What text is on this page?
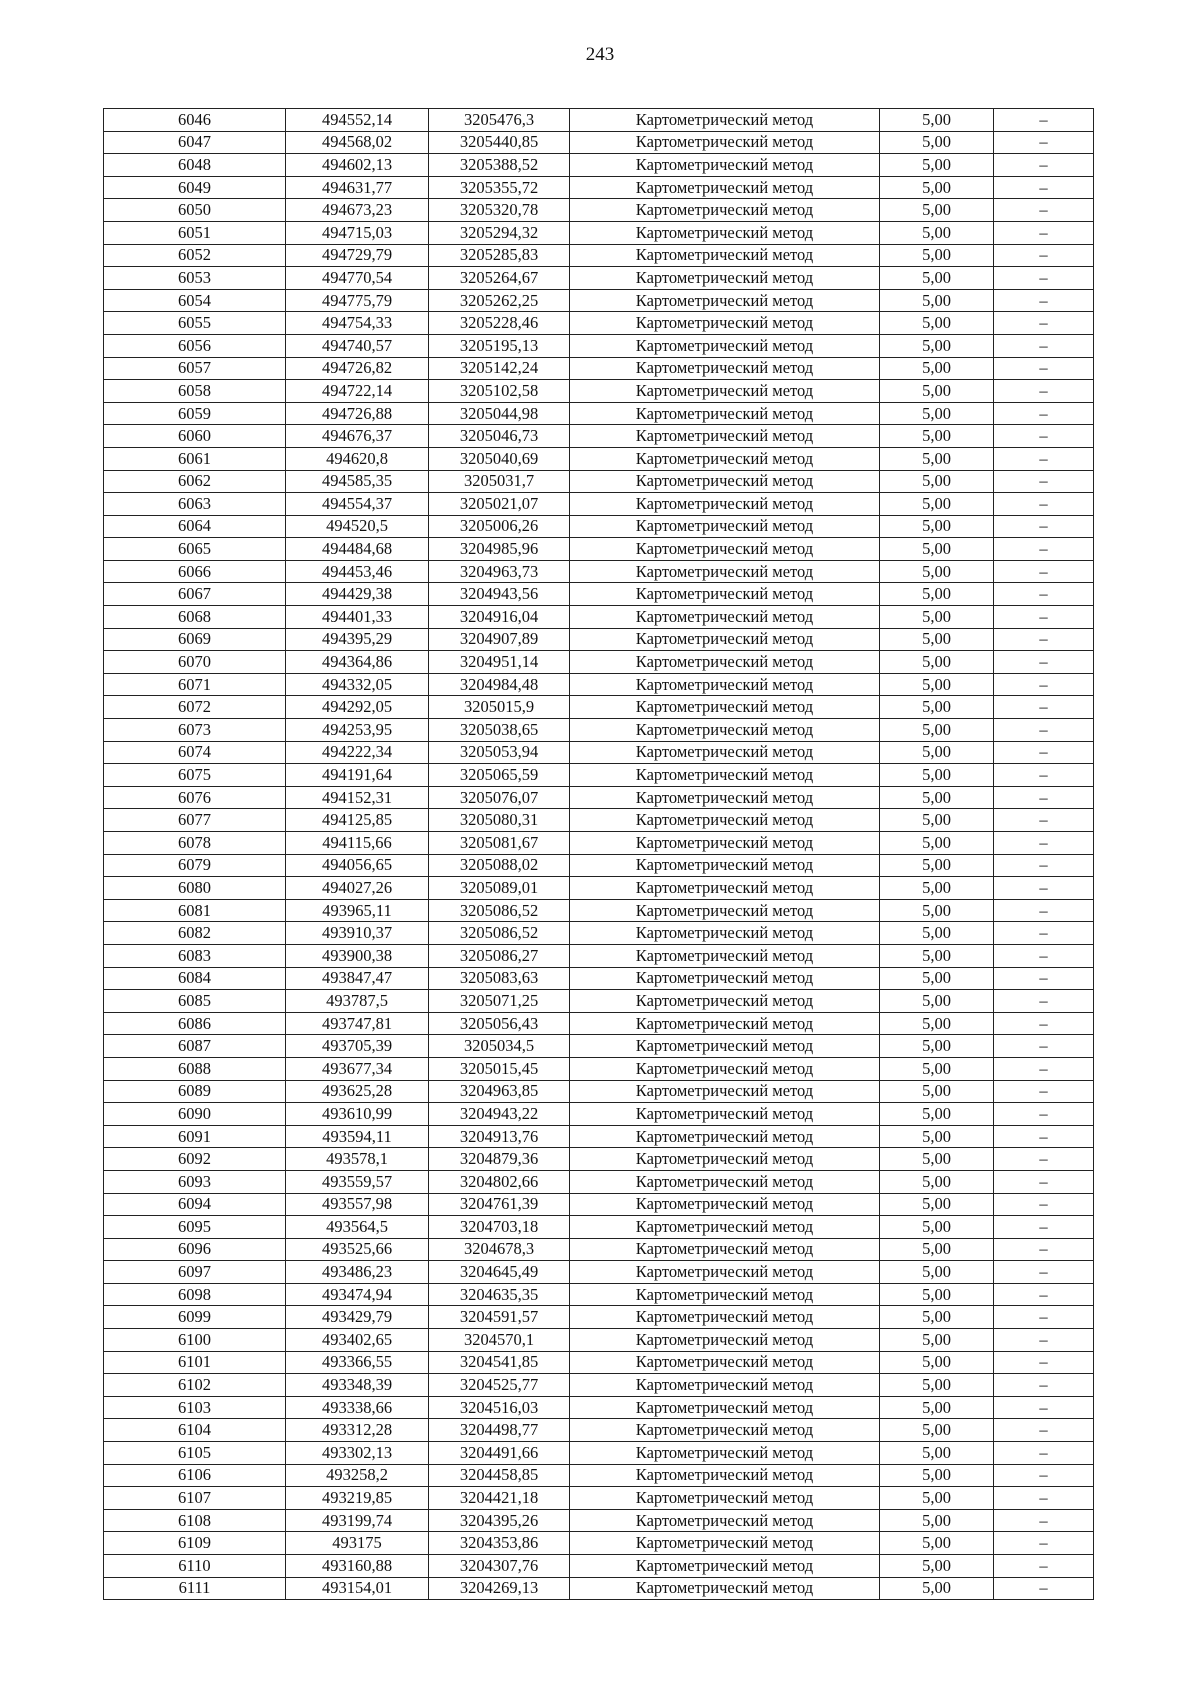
243
6046	494552,14	3205476,3	Картометрический метод	5,00	–
6047	494568,02	3205440,85	Картометрический метод	5,00	–
6048	494602,13	3205388,52	Картометрический метод	5,00	–
6049	494631,77	3205355,72	Картометрический метод	5,00	–
6050	494673,23	3205320,78	Картометрический метод	5,00	–
6051	494715,03	3205294,32	Картометрический метод	5,00	–
6052	494729,79	3205285,83	Картометрический метод	5,00	–
6053	494770,54	3205264,67	Картометрический метод	5,00	–
6054	494775,79	3205262,25	Картометрический метод	5,00	–
6055	494754,33	3205228,46	Картометрический метод	5,00	–
6056	494740,57	3205195,13	Картометрический метод	5,00	–
6057	494726,82	3205142,24	Картометрический метод	5,00	–
6058	494722,14	3205102,58	Картометрический метод	5,00	–
6059	494726,88	3205044,98	Картометрический метод	5,00	–
6060	494676,37	3205046,73	Картометрический метод	5,00	–
6061	494620,8	3205040,69	Картометрический метод	5,00	–
6062	494585,35	3205031,7	Картометрический метод	5,00	–
6063	494554,37	3205021,07	Картометрический метод	5,00	–
6064	494520,5	3205006,26	Картометрический метод	5,00	–
6065	494484,68	3204985,96	Картометрический метод	5,00	–
6066	494453,46	3204963,73	Картометрический метод	5,00	–
6067	494429,38	3204943,56	Картометрический метод	5,00	–
6068	494401,33	3204916,04	Картометрический метод	5,00	–
6069	494395,29	3204907,89	Картометрический метод	5,00	–
6070	494364,86	3204951,14	Картометрический метод	5,00	–
6071	494332,05	3204984,48	Картометрический метод	5,00	–
6072	494292,05	3205015,9	Картометрический метод	5,00	–
6073	494253,95	3205038,65	Картометрический метод	5,00	–
6074	494222,34	3205053,94	Картометрический метод	5,00	–
6075	494191,64	3205065,59	Картометрический метод	5,00	–
6076	494152,31	3205076,07	Картометрический метод	5,00	–
6077	494125,85	3205080,31	Картометрический метод	5,00	–
6078	494115,66	3205081,67	Картометрический метод	5,00	–
6079	494056,65	3205088,02	Картометрический метод	5,00	–
6080	494027,26	3205089,01	Картометрический метод	5,00	–
6081	493965,11	3205086,52	Картометрический метод	5,00	–
6082	493910,37	3205086,52	Картометрический метод	5,00	–
6083	493900,38	3205086,27	Картометрический метод	5,00	–
6084	493847,47	3205083,63	Картометрический метод	5,00	–
6085	493787,5	3205071,25	Картометрический метод	5,00	–
6086	493747,81	3205056,43	Картометрический метод	5,00	–
6087	493705,39	3205034,5	Картометрический метод	5,00	–
6088	493677,34	3205015,45	Картометрический метод	5,00	–
6089	493625,28	3204963,85	Картометрический метод	5,00	–
6090	493610,99	3204943,22	Картометрический метод	5,00	–
6091	493594,11	3204913,76	Картометрический метод	5,00	–
6092	493578,1	3204879,36	Картометрический метод	5,00	–
6093	493559,57	3204802,66	Картометрический метод	5,00	–
6094	493557,98	3204761,39	Картометрический метод	5,00	–
6095	493564,5	3204703,18	Картометрический метод	5,00	–
6096	493525,66	3204678,3	Картометрический метод	5,00	–
6097	493486,23	3204645,49	Картометрический метод	5,00	–
6098	493474,94	3204635,35	Картометрический метод	5,00	–
6099	493429,79	3204591,57	Картометрический метод	5,00	–
6100	493402,65	3204570,1	Картометрический метод	5,00	–
6101	493366,55	3204541,85	Картометрический метод	5,00	–
6102	493348,39	3204525,77	Картометрический метод	5,00	–
6103	493338,66	3204516,03	Картометрический метод	5,00	–
6104	493312,28	3204498,77	Картометрический метод	5,00	–
6105	493302,13	3204491,66	Картометрический метод	5,00	–
6106	493258,2	3204458,85	Картометрический метод	5,00	–
6107	493219,85	3204421,18	Картометрический метод	5,00	–
6108	493199,74	3204395,26	Картометрический метод	5,00	–
6109	493175	3204353,86	Картометрический метод	5,00	–
6110	493160,88	3204307,76	Картометрический метод	5,00	–
6111	493154,01	3204269,13	Картометрический метод	5,00	–
